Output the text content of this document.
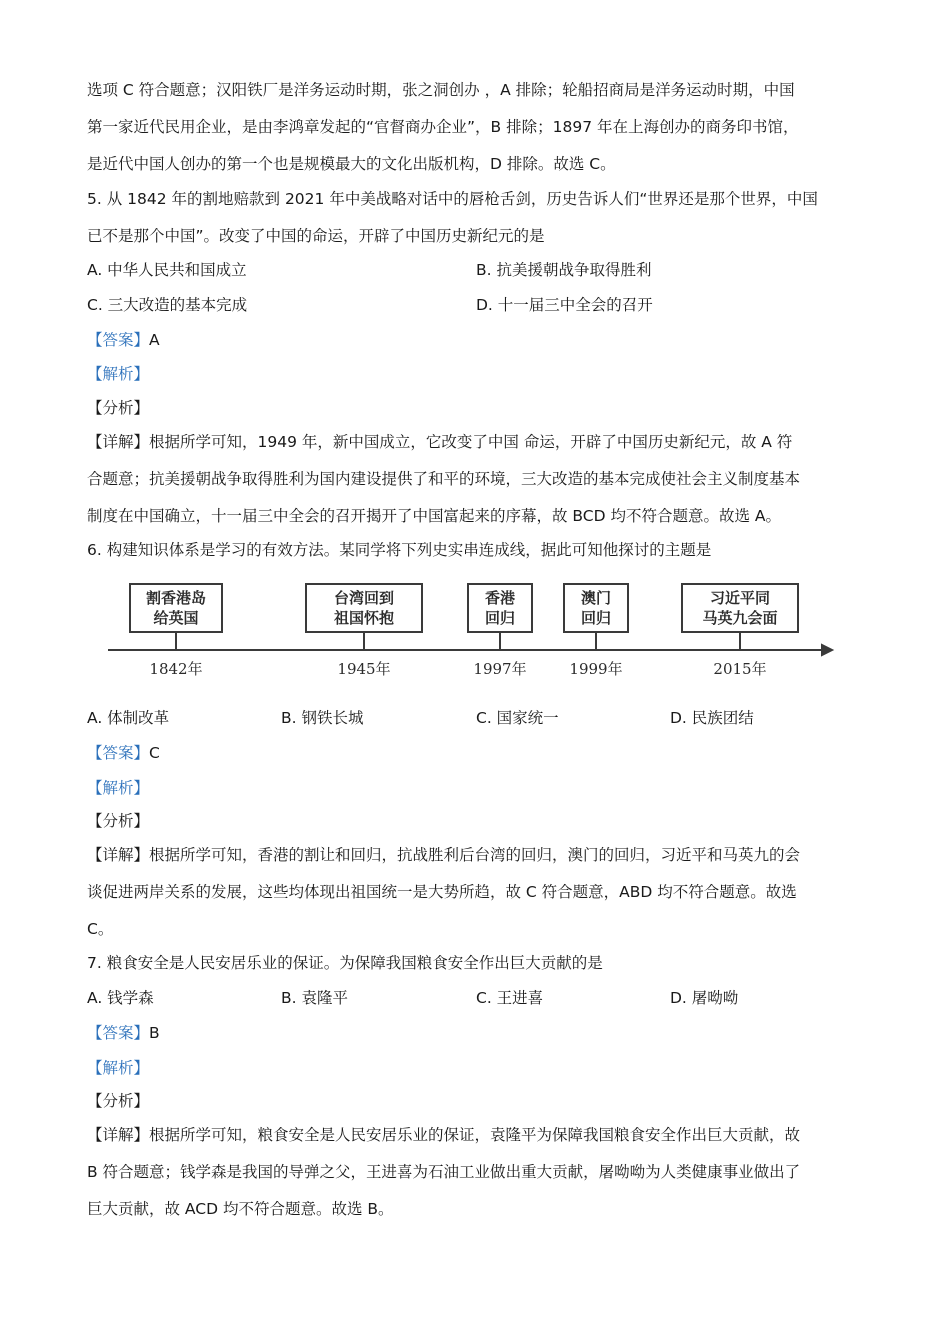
选项 C 符合题意；汉阳铁厂是洋务运动时期，张之洞创办 ，A 排除；轮船招商局是洋务运动时期，中国
第一家近代民用企业，是由李鸿章发起的“官督商办企业”，B 排除；1897 年在上海创办的商务印书馆，
是近代中国人创办的第一个也是规模最大的文化出版机构，D 排除。故选 C。
5. 从 1842 年的割地赔款到 2021 年中美战略对话中的唇枪舌剑，历史告诉人们“世界还是那个世界，中国
已不是那个中国”。改变了中国的命运，开辟了中国历史新纪元的是
A. 中华人民共和国成立	B. 抗美援朝战争取得胜利
C. 三大改造的基本完成	D. 十一届三中全会的召开
【答案】A
【解析】
【分析】
【详解】根据所学可知，1949 年，新中国成立，它改变了中国 命运，开辟了中国历史新纪元，故 A 符
合题意；抗美援朝战争取得胜利为国内建设提供了和平的环境，三大改造的基本完成使社会主义制度基本
制度在中国确立，十一届三中全会的召开揭开了中国富起来的序幕，故 BCD 均不符合题意。故选 A。
6. 构建知识体系是学习的有效方法。某同学将下列史实串连成线，据此可知他探讨的主题是
割香港岛
给英国
1842年
台湾回到
祖国怀抱
1945年
香港
回归
1997年
澳门
回归
1999年
习近平同
马英九会面
2015年
A. 体制改革	B. 钢铁长城	C. 国家统一	D. 民族团结
【答案】C
【解析】
【分析】
【详解】根据所学可知，香港的割让和回归，抗战胜利后台湾的回归，澳门的回归，习近平和马英九的会
谈促进两岸关系的发展，这些均体现出祖国统一是大势所趋，故 C 符合题意，ABD 均不符合题意。故选
C。
7. 粮食安全是人民安居乐业的保证。为保障我国粮食安全作出巨大贡献的是
A. 钱学森	B. 袁隆平	C. 王进喜	D. 屠呦呦
【答案】B
【解析】
【分析】
【详解】根据所学可知，粮食安全是人民安居乐业的保证，袁隆平为保障我国粮食安全作出巨大贡献，故
B 符合题意；钱学森是我国的导弹之父，王进喜为石油工业做出重大贡献，屠呦呦为人类健康事业做出了
巨大贡献，故 ACD 均不符合题意。故选 B。
